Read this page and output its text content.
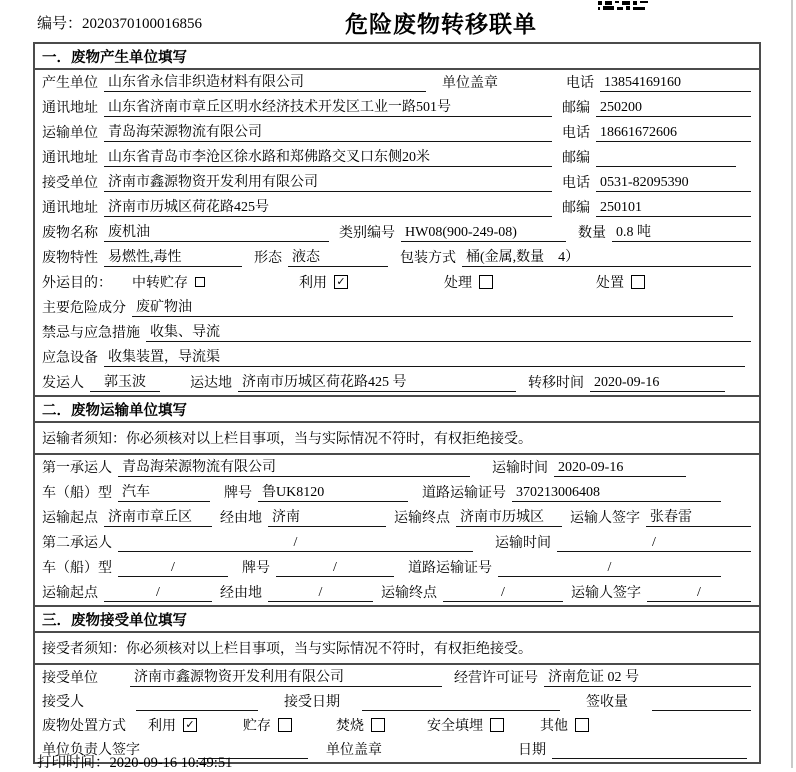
编号：2020370100016856	危险废物转移联单
一．废物产生单位填写
产生单位 山东省永信非织造材料有限公司	单位盖章	电话 13854169160
通讯地址 山东省济南市章丘区明水经济技术开发区工业一路501号	邮编 250200
运输单位 青岛海荣源物流有限公司	电话 18661672606
通讯地址 山东省青岛市李沧区徐水路和郑佛路交叉口东侧20米	邮编
接受单位 济南市鑫源物资开发利用有限公司	电话 0531-82095390
通讯地址 济南市历城区荷花路425号	邮编 250101
废物名称 废机油	类别编号 HW08(900-249-08)	数量 0.8 吨
废物特性 易燃性,毒性	形态 液态	包装方式 桶(金属,数量　4）
外运目的： 中转贮存	利用 ✓	处理	处置
主要危险成分 废矿物油
禁忌与应急措施 收集、导流
应急设备 收集装置，导流渠
发运人	郭玉波	运达地 济南市历城区荷花路425 号	转移时间 2020-09-16
二．废物运输单位填写
运输者须知：你必须核对以上栏目事项，当与实际情况不符时，有权拒绝接受。
第一承运人 青岛海荣源物流有限公司	运输时间 2020-09-16
车（船）型 汽车	牌号 鲁UK8120	道路运输证号 370213006408
运输起点 济南市章丘区	经由地 济南	运输终点 济南市历城区	运输人签字 张春雷
第二承运人	/	运输时间	/
车（船）型	/	牌号	/	道路运输证号	/
运输起点	/	经由地	/	运输终点	/	运输人签字	/
三．废物接受单位填写
接受者须知：你必须核对以上栏目事项，当与实际情况不符时，有权拒绝接受。
接受单位	济南市鑫源物资开发利用有限公司	经营许可证号 济南危证 02 号
接受人	接受日期	签收量
废物处置方式 利用 ✓	贮存	焚烧	安全填埋	其他
单位负责人签字	单位盖章	日期
打印时间：2020-09-16 10:49:51
